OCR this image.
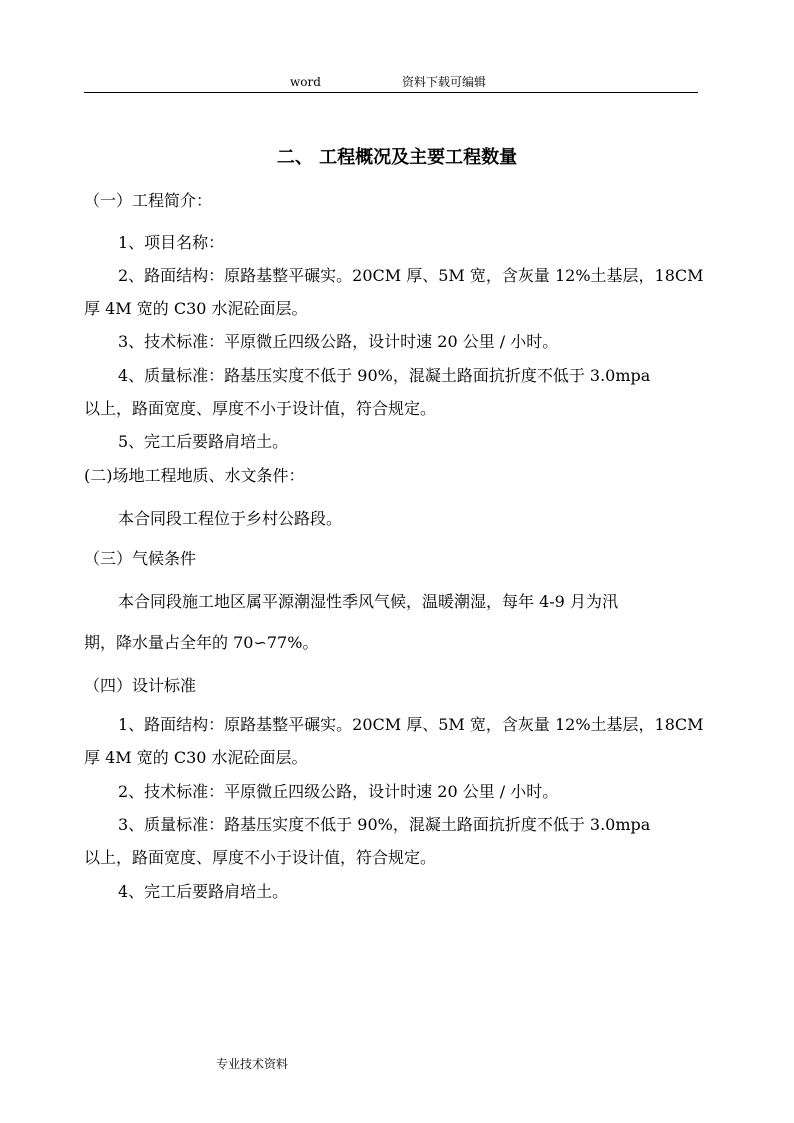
word	资料下载可编辑
二、 工程概况及主要工程数量

（一）工程简介：

1、项目名称：

2、路面结构：原路基整平碾实。20CM 厚、5M 宽，含灰量 12%土基层，18CM

厚 4M 宽的 C30 水泥砼面层。

3、技术标准：平原微丘四级公路，设计时速 20 公里 / 小时。

4、质量标准：路基压实度不低于 90%，混凝土路面抗折度不低于 3.0mpa

以上，路面宽度、厚度不小于设计值，符合规定。

5、完工后要路肩培土。

(二)场地工程地质、水文条件：

本合同段工程位于乡村公路段。

（三）气候条件

本合同段施工地区属平源潮湿性季风气候，温暖潮湿，每年 4-9 月为汛

期，降水量占全年的 70∽77%。

（四）设计标准

1、路面结构：原路基整平碾实。20CM 厚、5M 宽，含灰量 12%土基层，18CM

厚 4M 宽的 C30 水泥砼面层。

2、技术标准：平原微丘四级公路，设计时速 20 公里 / 小时。

3、质量标准：路基压实度不低于 90%，混凝土路面抗折度不低于 3.0mpa

以上，路面宽度、厚度不小于设计值，符合规定。

4、完工后要路肩培土。

专业技术资料
